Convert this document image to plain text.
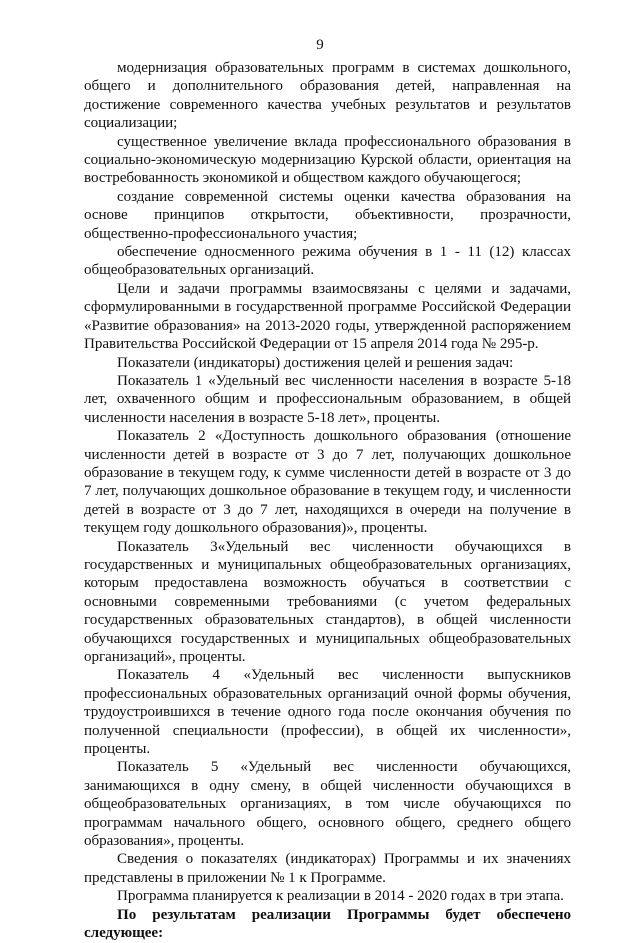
9

модернизация образовательных программ в системах дошкольного, общего и дополнительного образования детей, направленная на достижение современного качества учебных результатов и результатов социализации;

существенное увеличение вклада профессионального образования в социально-экономическую модернизацию Курской области, ориентация на востребованность экономикой и обществом каждого обучающегося;

создание современной системы оценки качества образования на основе принципов открытости, объективности, прозрачности, общественно-профессионального участия;

обеспечение односменного режима обучения в 1 - 11 (12) классах общеобразовательных организаций.

Цели и задачи программы взаимосвязаны с целями и задачами, сформулированными в государственной программе Российской Федерации «Развитие образования» на 2013-2020 годы, утвержденной распоряжением Правительства Российской Федерации от 15 апреля 2014 года № 295-р.

Показатели (индикаторы) достижения целей и решения задач:

Показатель 1 «Удельный вес численности населения в возрасте 5-18 лет, охваченного общим и профессиональным образованием, в общей численности населения в возрасте 5-18 лет», проценты.

Показатель 2 «Доступность дошкольного образования (отношение численности детей в возрасте от 3 до 7 лет, получающих дошкольное образование в текущем году, к сумме численности детей в возрасте от 3 до 7 лет, получающих дошкольное образование в текущем году, и численности детей в возрасте от 3 до 7 лет, находящихся в очереди на получение в текущем году дошкольного образования)», проценты.

Показатель 3«Удельный вес численности обучающихся в государственных и муниципальных общеобразовательных организациях, которым предоставлена возможность обучаться в соответствии с основными современными требованиями (с учетом федеральных государственных образовательных стандартов), в общей численности обучающихся государственных и муниципальных общеобразовательных организаций», проценты.

Показатель 4 «Удельный вес численности выпускников профессиональных образовательных организаций очной формы обучения, трудоустроившихся в течение одного года после окончания обучения по полученной специальности (профессии), в общей их численности», проценты.

Показатель 5 «Удельный вес численности обучающихся, занимающихся в одну смену, в общей численности обучающихся в общеобразовательных организациях, в том числе обучающихся по программам начального общего, основного общего, среднего общего образования», проценты.

Сведения о показателях (индикаторах) Программы и их значениях представлены в приложении № 1 к Программе.

Программа планируется к реализации в 2014 - 2020 годах в три этапа.

По результатам реализации Программы будет обеспечено следующее:
